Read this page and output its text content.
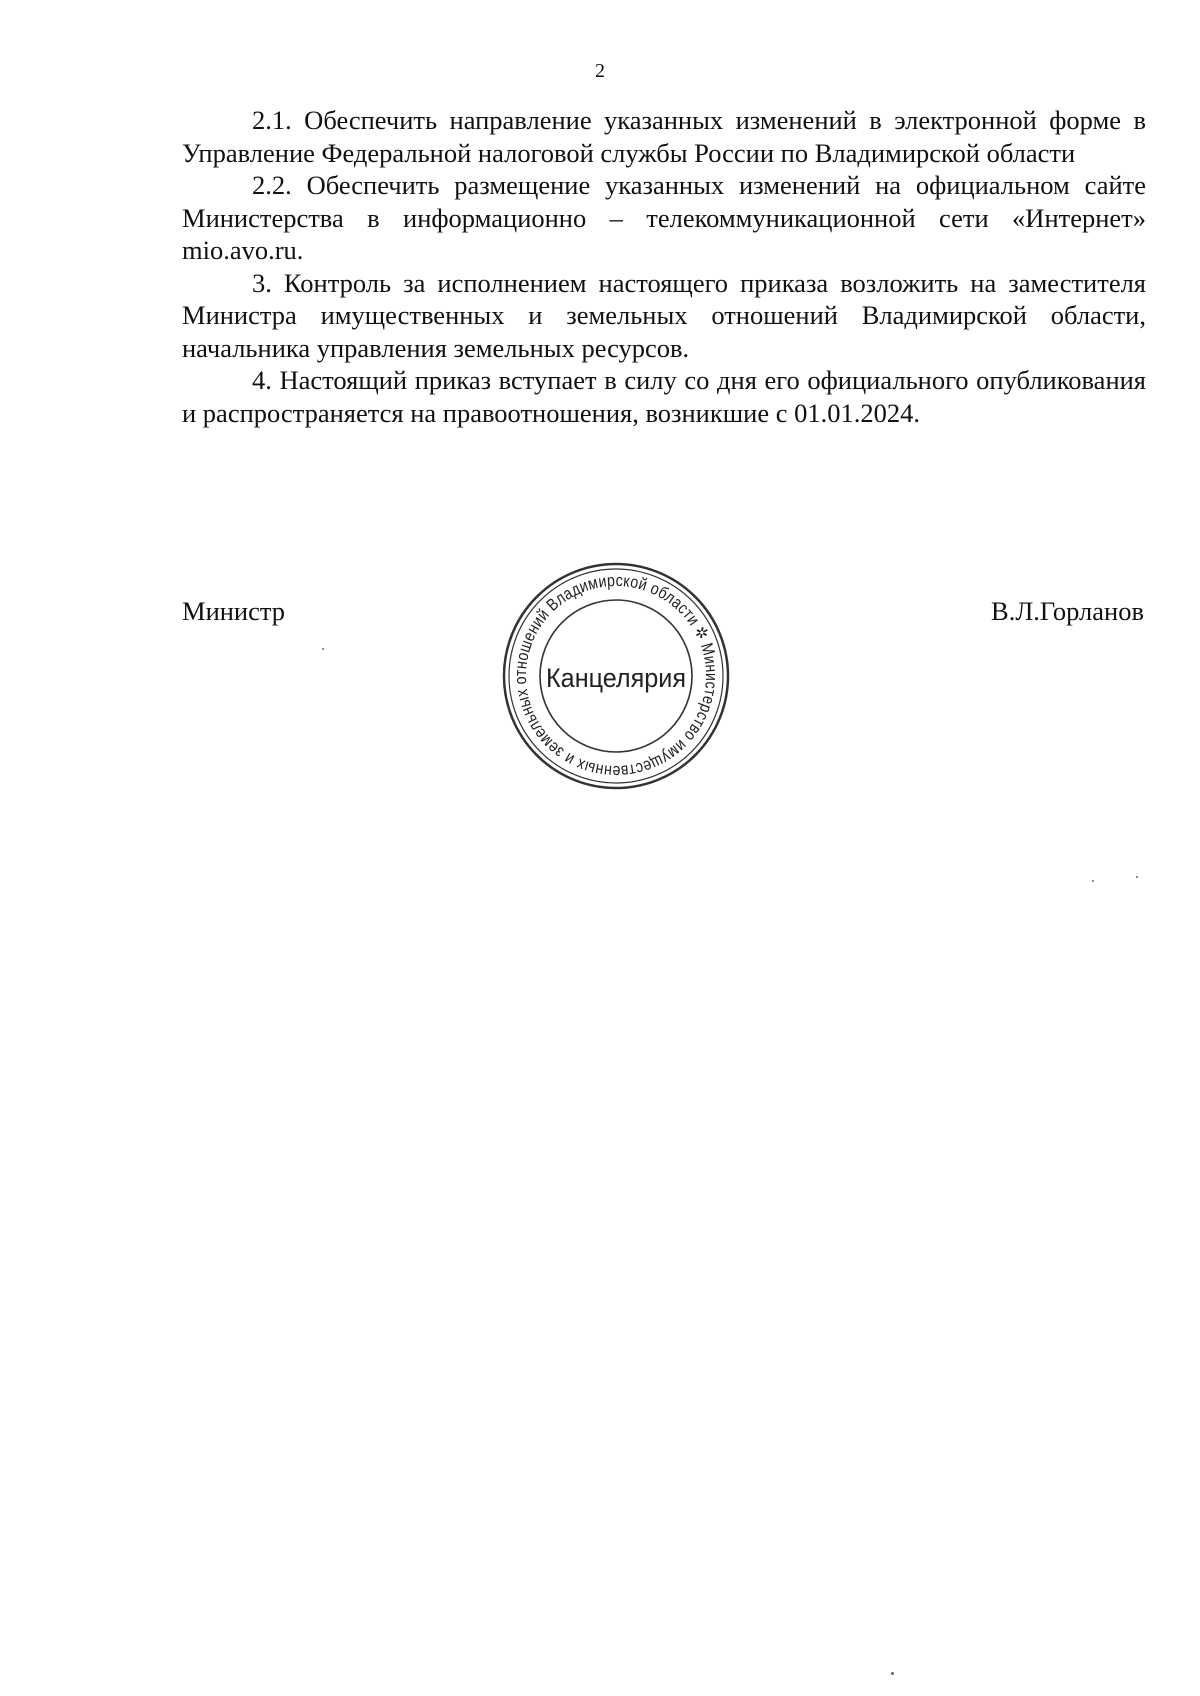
2

2.1. Обеспечить направление указанных изменений в электронной форме в Управление Федеральной налоговой службы России по Владимирской области

2.2. Обеспечить размещение указанных изменений на официальном сайте Министерства в информационно – телекоммуникационной сети «Интернет» mio.avo.ru.

3. Контроль за исполнением настоящего приказа возложить на заместителя Министра имущественных и земельных отношений Владимирской области, начальника управления земельных ресурсов.

4. Настоящий приказ вступает в силу со дня его официального опубликования и распространяется на правоотношения, возникшие с 01.01.2024.

Министр	В.Л.Горланов
Министерство имущественных и земельных отношений Владимирской области ✲
Канцелярия
